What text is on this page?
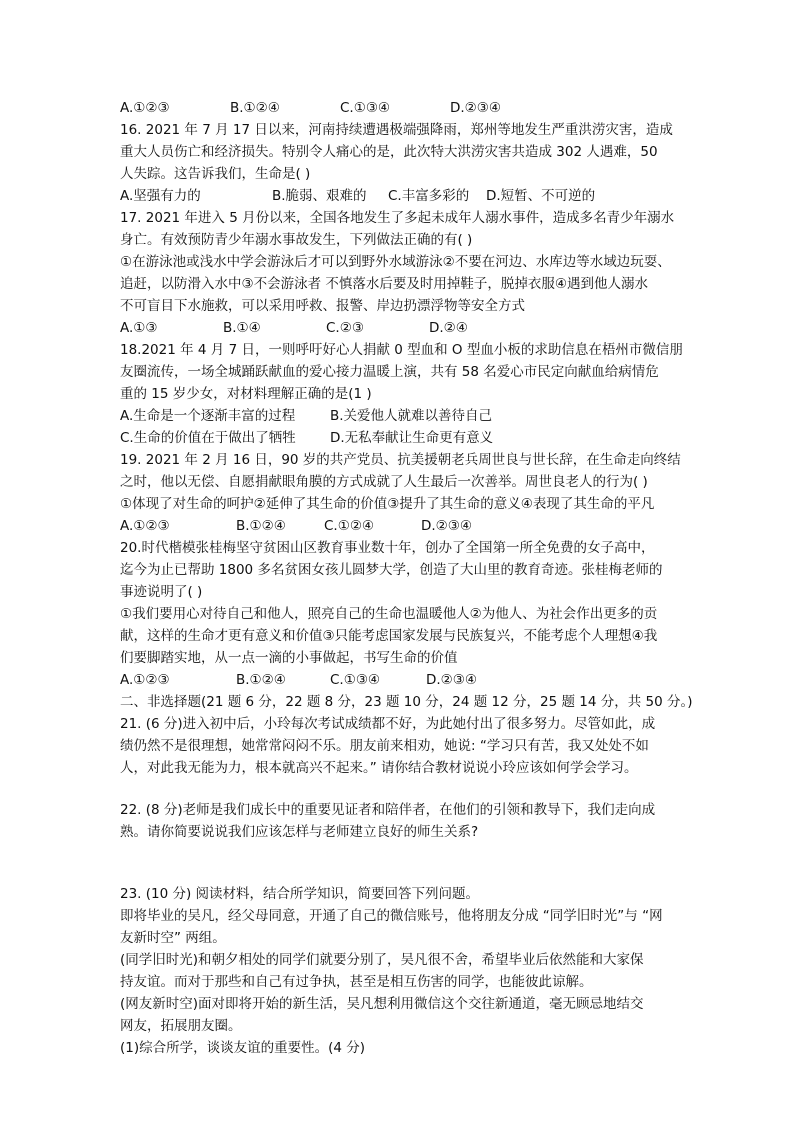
A.①②③	B.①②④	C.①③④	D.②③④
16. 2021 年 7 月 17 日以来，河南持续遭遇极端强降雨，郑州等地发生严重洪涝灾害，造成
重大人员伤亡和经济损失。特别令人痛心的是，此次特大洪涝灾害共造成 302 人遇难，50
人失踪。这告诉我们，生命是( )
A.坚强有力的	B.脆弱、艰难的	C.丰富多彩的	D.短暂、不可逆的
17. 2021 年进入 5 月份以来，全国各地发生了多起未成年人溺水事件，造成多名青少年溺水
身亡。有效预防青少年溺水事故发生，下列做法正确的有( )
①在游泳池或浅水中学会游泳后才可以到野外水域游泳②不要在河边、水库边等水域边玩耍、
追赶，以防滑入水中③不会游泳者 不慎落水后要及时用掉鞋子，脱掉衣服④遇到他人溺水
不可盲目下水施救，可以采用呼救、报警、岸边扔漂浮物等安全方式
A.①③	B.①④	C.②③	D.②④
18.2021 年 4 月 7 日，一则呼吁好心人捐献 0 型血和 O 型血小板的求助信息在梧州市微信朋
友圈流传，一场全城踊跃献血的爱心接力温暖上演，共有 58 名爱心市民定向献血给病情危
重的 15 岁少女，对材料理解正确的是(1 )
A.生命是一个逐渐丰富的过程	B.关爱他人就难以善待自己
C.生命的价值在于做出了牺牲	D.无私奉献让生命更有意义
19. 2021 年 2 月 16 日，90 岁的共产党员、抗美援朝老兵周世良与世长辞，在生命走向终结
之时，他以无偿、自愿捐献眼角膜的方式成就了人生最后一次善举。周世良老人的行为( )
①体现了对生命的呵护②延伸了其生命的价值③提升了其生命的意义④表现了其生命的平凡
A.①②③	B.①②④	C.①②④	D.②③④
20.时代楷模张桂梅坚守贫困山区教育事业数十年，创办了全国第一所全免费的女子高中，
迄今为止已帮助 1800 多名贫困女孩儿圆梦大学，创造了大山里的教育奇迹。张桂梅老师的
事迹说明了( )
①我们要用心对待自己和他人，照亮自己的生命也温暖他人②为他人、为社会作出更多的贡
献，这样的生命才更有意义和价值③只能考虑国家发展与民族复兴，不能考虑个人理想④我
们要脚踏实地，从一点一滴的小事做起，书写生命的价值
A.①②③	B.①②④	C.①③④	D.②③④
二、非选择题(21 题 6 分，22 题 8 分，23 题 10 分，24 题 12 分，25 题 14 分，共 50 分。)
21. (6 分)进入初中后，小玲每次考试成绩都不好，为此她付出了很多努力。尽管如此，成
绩仍然不是很理想，她常常闷闷不乐。朋友前来相劝，她说: “学习只有苦，我又处处不如
人，对此我无能为力，根本就高兴不起来。” 请你结合教材说说小玲应该如何学会学习。
22. (8 分)老师是我们成长中的重要见证者和陪伴者，在他们的引领和教导下，我们走向成
熟。请你简要说说我们应该怎样与老师建立良好的师生关系?
23. (10 分) 阅读材料，结合所学知识，简要回答下列问题。
即将毕业的吴凡，经父母同意，开通了自己的微信账号，他将朋友分成 “同学旧时光”与 “网
友新时空” 两组。
(同学旧时光)和朝夕相处的同学们就要分别了，吴凡很不舍，希望毕业后依然能和大家保
持友谊。而对于那些和自己有过争执，甚至是相互伤害的同学，也能彼此谅解。
(网友新时空)面对即将开始的新生活，吴凡想利用微信这个交往新通道，毫无顾忌地结交
网友，拓展朋友圈。
(1)综合所学，谈谈友谊的重要性。(4 分)
